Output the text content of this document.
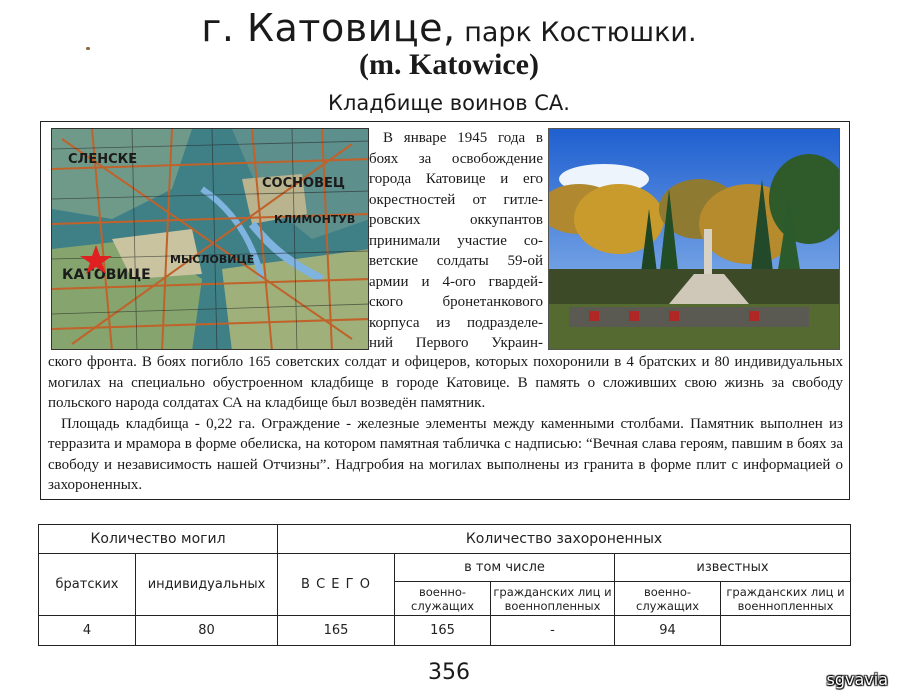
г. Катовице, парк Костюшки.
(m. Katowice)
Кладбище воинов СА.
СЛЕНСКЕ
СОСНОВЕЦ
КЛИМОНТУВ
КАТОВИЦЕ
МЫСЛОВИЦЕ
В январе 1945 года в
боях за освобождение
города Катовице и его
окрестностей от гитле-
ровских оккупантов
принимали участие со-
ветские солдаты 59-ой
армии и 4-ого гвардей-
ского бронетанкового
корпуса из подразделе-
ний Первого Украин-

ского фронта. В боях погибло 165 советских солдат и офицеров, которых похоронили в 4 братских и 80 индивидуальных могилах на специально обустроенном кладбище в городе Катовице. В память о сложивших свою жизнь за свободу польского народа солдатах СА на кладбище был возведён памятник.

Площадь кладбища - 0,22 га. Ограждение - железные элементы между каменными столбами. Памятник выполнен из терразита и мрамора в форме обелиска, на котором памятная табличка с надписью: “Вечная слава героям, павшим в боях за свободу и независимость нашей Отчизны”. Надгробия на могилах выполнены из гранита в форме плит с информацией о захороненных.

Количество могил		Количество захороненных				
братских	индивидуальных	В С Е Г О	в том числе		известных	
			военно-служащих	гражданских лиц и военнопленных	военно-служащих	гражданских лиц и военнопленных
4	80	165	165	-	94	
356	sgvavia
